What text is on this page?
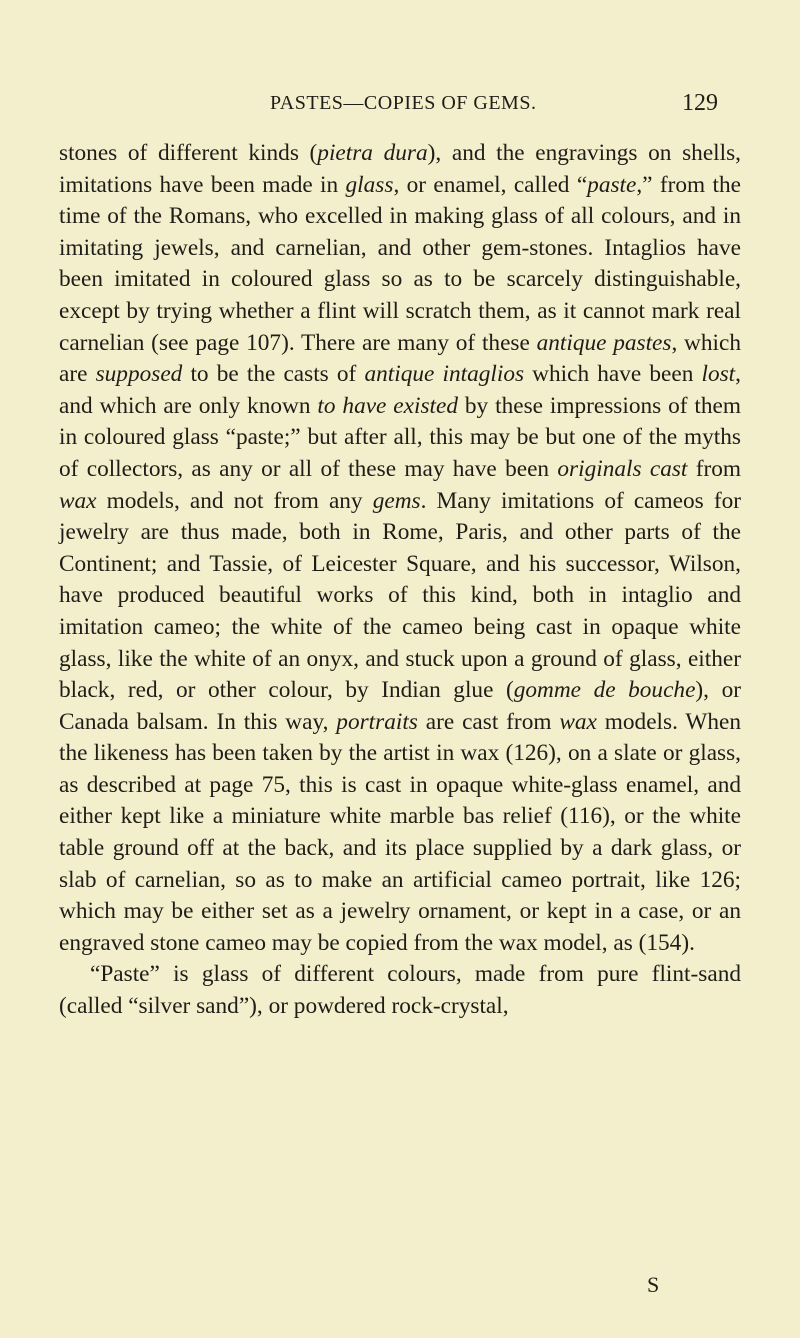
PASTES—COPIES OF GEMS.	129

stones of different kinds (pietra dura), and the engravings on shells, imitations have been made in glass, or enamel, called “paste,” from the time of the Romans, who excelled in making glass of all colours, and in imitating jewels, and carnelian, and other gem-stones. Intaglios have been imitated in coloured glass so as to be scarcely distinguishable, except by trying whether a flint will scratch them, as it cannot mark real carnelian (see page 107). There are many of these antique pastes, which are supposed to be the casts of antique intaglios which have been lost, and which are only known to have existed by these impressions of them in coloured glass “paste;” but after all, this may be but one of the myths of collectors, as any or all of these may have been originals cast from wax models, and not from any gems. Many imitations of cameos for jewelry are thus made, both in Rome, Paris, and other parts of the Continent; and Tassie, of Leicester Square, and his successor, Wilson, have produced beautiful works of this kind, both in intaglio and imitation cameo; the white of the cameo being cast in opaque white glass, like the white of an onyx, and stuck upon a ground of glass, either black, red, or other colour, by Indian glue (gomme de bouche), or Canada balsam. In this way, portraits are cast from wax models. When the likeness has been taken by the artist in wax (126), on a slate or glass, as described at page 75, this is cast in opaque white-glass enamel, and either kept like a miniature white marble bas relief (116), or the white table ground off at the back, and its place supplied by a dark glass, or slab of carnelian, so as to make an artificial cameo portrait, like 126; which may be either set as a jewelry ornament, or kept in a case, or an engraved stone cameo may be copied from the wax model, as (154).

“Paste” is glass of different colours, made from pure flint-sand (called “silver sand”), or powdered rock-crystal,

S
